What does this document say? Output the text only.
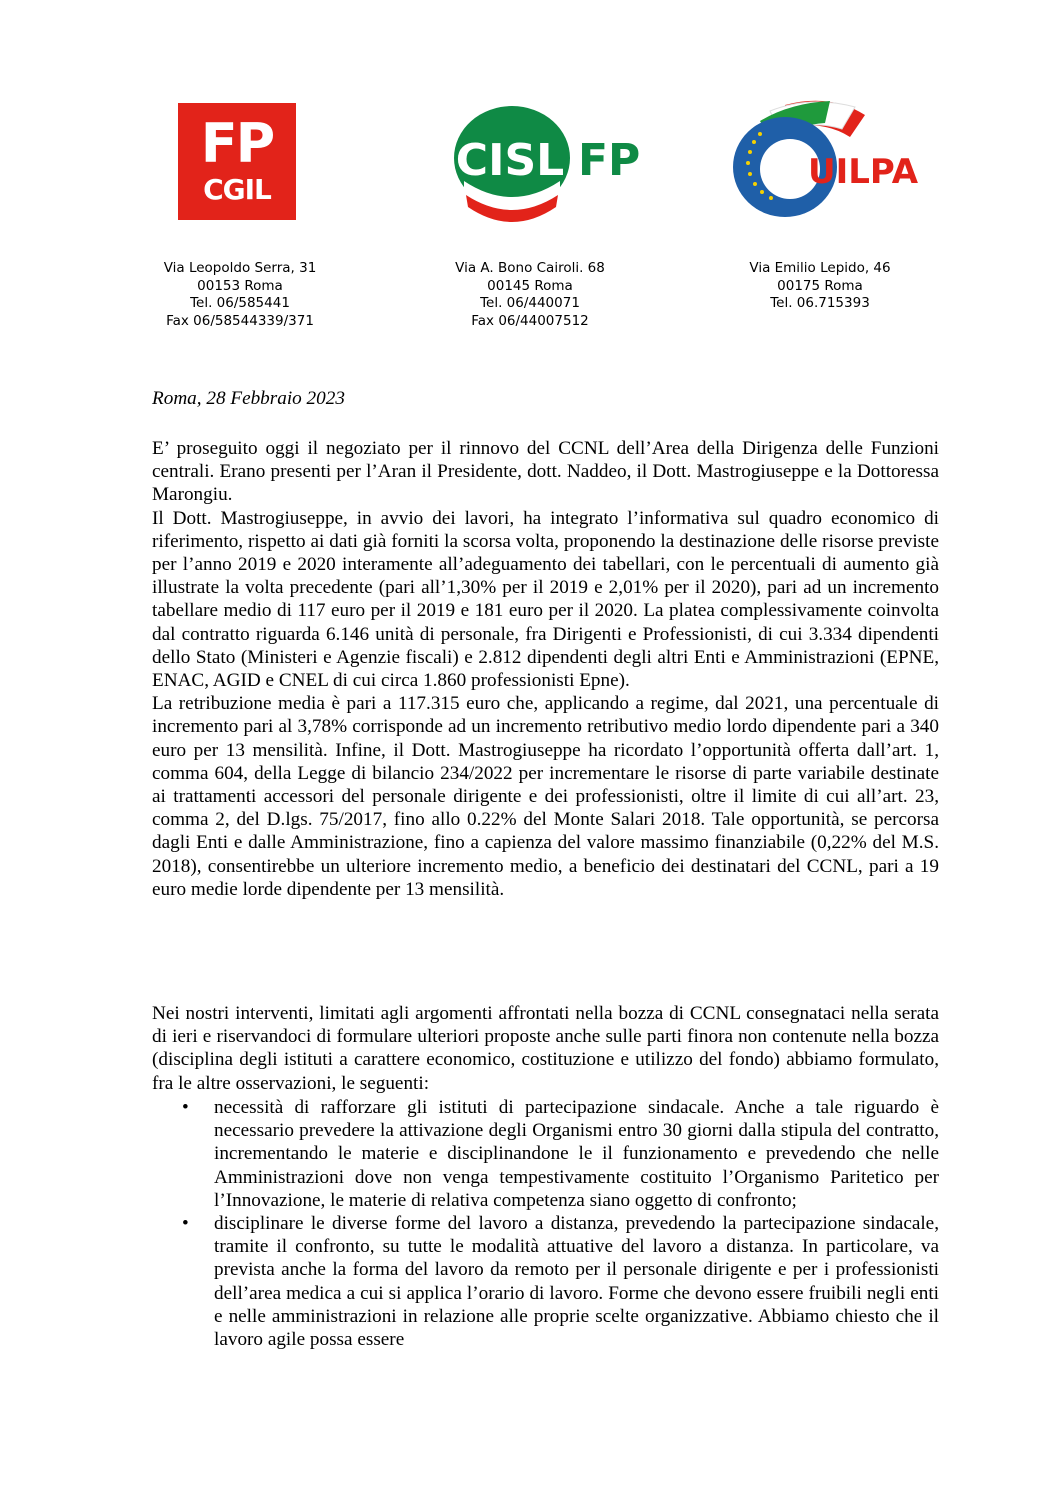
FP
CGIL
CISL FP	UILPA
Via Leopoldo Serra, 31
00153 Roma
Tel. 06/585441
Fax 06/58544339/371
Via A. Bono Cairoli. 68
00145 Roma
Tel. 06/440071
Fax 06/44007512
Via Emilio Lepido, 46
00175 Roma
Tel. 06.715393
Roma, 28 Febbraio 2023

E’ proseguito oggi il negoziato per il rinnovo del CCNL dell’Area della Dirigenza delle Funzioni centrali. Erano presenti per l’Aran il Presidente, dott. Naddeo, il Dott. Mastrogiuseppe e la Dottoressa Marongiu.

Il Dott. Mastrogiuseppe, in avvio dei lavori, ha integrato l’informativa sul quadro economico di riferimento, rispetto ai dati già forniti la scorsa volta, proponendo la destinazione delle risorse previste per l’anno 2019 e 2020 interamente all’adeguamento dei tabellari, con le percentuali di aumento già illustrate la volta precedente (pari all’1,30% per il 2019 e 2,01% per il 2020), pari ad un incremento tabellare medio di 117 euro per il 2019 e 181 euro per il 2020. La platea complessivamente coinvolta dal contratto riguarda 6.146 unità di personale, fra Dirigenti e Professionisti, di cui 3.334 dipendenti dello Stato (Ministeri e Agenzie fiscali) e 2.812 dipendenti degli altri Enti e Amministrazioni (EPNE, ENAC, AGID e CNEL di cui circa 1.860 professionisti Epne).

La retribuzione media è pari a 117.315 euro che, applicando a regime, dal 2021, una percentuale di incremento pari al 3,78% corrisponde ad un incremento retributivo medio lordo dipendente pari a 340 euro per 13 mensilità. Infine, il Dott. Mastrogiuseppe ha ricordato l’opportunità offerta dall’art. 1, comma 604, della Legge di bilancio 234/2022 per incrementare le risorse di parte variabile destinate ai trattamenti accessori del personale dirigente e dei professionisti, oltre il limite di cui all’art. 23, comma 2, del D.lgs. 75/2017, fino allo 0.22% del Monte Salari 2018. Tale opportunità, se percorsa dagli Enti e dalle Amministrazione, fino a capienza del valore massimo finanziabile (0,22% del M.S. 2018), consentirebbe un ulteriore incremento medio, a beneficio dei destinatari del CCNL, pari a 19 euro medie lorde dipendente per 13 mensilità.

Nei nostri interventi, limitati agli argomenti affrontati nella bozza di CCNL consegnataci nella serata di ieri e riservandoci di formulare ulteriori proposte anche sulle parti finora non contenute nella bozza (disciplina degli istituti a carattere economico, costituzione e utilizzo del fondo) abbiamo formulato, fra le altre osservazioni, le seguenti:

• necessità di rafforzare gli istituti di partecipazione sindacale. Anche a tale riguardo è necessario prevedere la attivazione degli Organismi entro 30 giorni dalla stipula del contratto, incrementando le materie e disciplinandone le il funzionamento e prevedendo che nelle Amministrazioni dove non venga tempestivamente costituito l’Organismo Paritetico per l’Innovazione, le materie di relativa competenza siano oggetto di confronto;
• disciplinare le diverse forme del lavoro a distanza, prevedendo la partecipazione sindacale, tramite il confronto, su tutte le modalità attuative del lavoro a distanza. In particolare, va prevista anche la forma del lavoro da remoto per il personale dirigente e per i professionisti dell’area medica a cui si applica l’orario di lavoro. Forme che devono essere fruibili negli enti e nelle amministrazioni in relazione alle proprie scelte organizzative. Abbiamo chiesto che il lavoro agile possa essere
